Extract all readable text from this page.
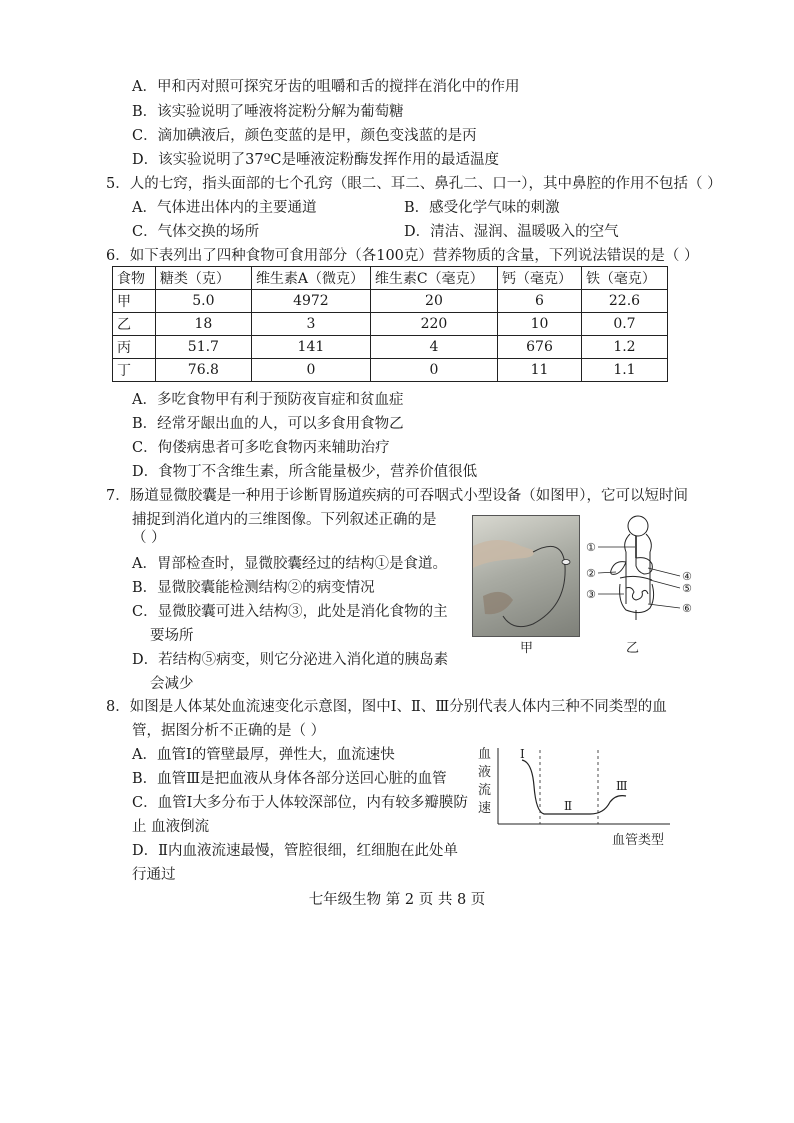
A．甲和丙对照可探究牙齿的咀嚼和舌的搅拌在消化中的作用
B．该实验说明了唾液将淀粉分解为葡萄糖
C．滴加碘液后，颜色变蓝的是甲，颜色变浅蓝的是丙
D．该实验说明了37ºC是唾液淀粉酶发挥作用的最适温度
5．人的七窍，指头面部的七个孔窍（眼二、耳二、鼻孔二、口一），其中鼻腔的作用不包括（ ）
A．气体进出体内的主要通道	B．感受化学气味的刺激
C．气体交换的场所	D．清洁、湿润、温暖吸入的空气
6．如下表列出了四种食物可食用部分（各100克）营养物质的含量，下列说法错误的是（ ）
食物	糖类（克）	维生素A（微克）	维生素C（毫克）	钙（毫克）	铁（毫克）
甲	5.0	4972	20	6	22.6
乙	18	3	220	10	0.7
丙	51.7	141	4	676	1.2
丁	76.8	0	0	11	1.1
A．多吃食物甲有利于预防夜盲症和贫血症
B．经常牙龈出血的人，可以多食用食物乙
C．佝偻病患者可多吃食物丙来辅助治疗
D．食物丁不含维生素，所含能量极少，营养价值很低
7．肠道显微胶囊是一种用于诊断胃肠道疾病的可吞咽式小型设备（如图甲），它可以短时间
捕捉到消化道内的三维图像。下列叙述正确的是
（ ）
A．胃部检查时，显微胶囊经过的结构①是食道。
B．显微胶囊能检测结构②的病变情况
C．显微胶囊可进入结构③，此处是消化食物的主
要场所
D．若结构⑤病变，则它分泌进入消化道的胰岛素
会减少
甲
①
②
③
④
⑤
⑥
乙
8．如图是人体某处血流速变化示意图，图中Ⅰ、Ⅱ、Ⅲ分别代表人体内三种不同类型的血
管，据图分析不正确的是（ ）
A．血管Ⅰ的管壁最厚，弹性大，血流速快
B．血管Ⅲ是把血液从身体各部分送回心脏的血管
C．血管Ⅰ大多分布于人体较深部位，内有较多瓣膜防
止 血液倒流
D．Ⅱ内血液流速最慢，管腔很细，红细胞在此处单
行通过
血
液
流
速
Ⅰ
Ⅱ
Ⅲ
血管类型
七年级生物 第 2 页 共 8 页
